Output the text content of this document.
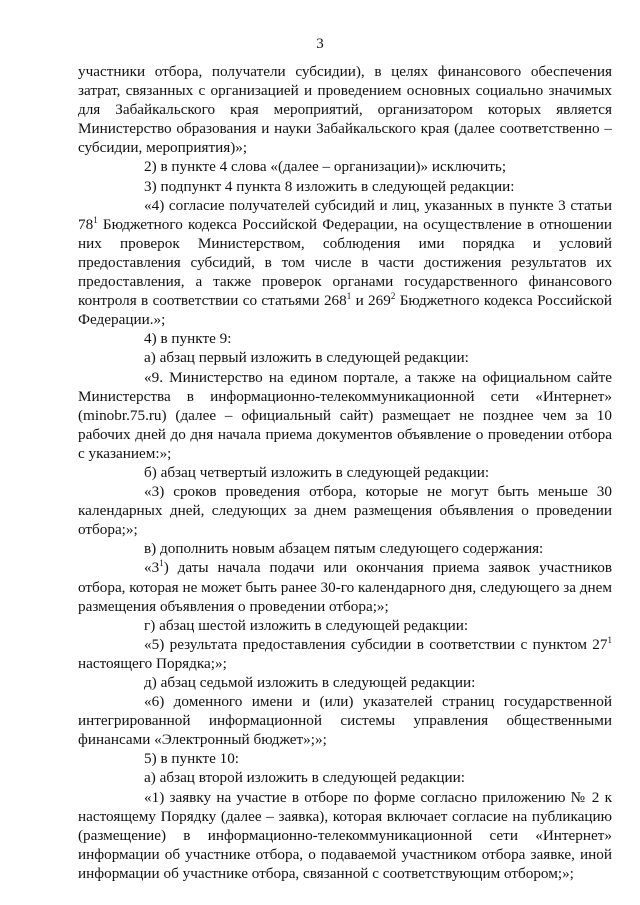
3

участники отбора, получатели субсидии), в целях финансового обеспечения затрат, связанных с организацией и проведением основных социально значимых для Забайкальского края мероприятий, организатором которых является Министерство образования и науки Забайкальского края (далее соответственно – субсидии, мероприятия)»;

2) в пункте 4 слова «(далее – организации)» исключить;

3) подпункт 4 пункта 8 изложить в следующей редакции:

«4) согласие получателей субсидий и лиц, указанных в пункте 3 статьи $78^1$ Бюджетного кодекса Российской Федерации, на осуществление в отношении них проверок Министерством, соблюдения ими порядка и условий предоставления субсидий, в том числе в части достижения результатов их предоставления, а также проверок органами государственного финансового контроля в соответствии со статьями $268^1$ и $269^2$ Бюджетного кодекса Российской Федерации.»;

4) в пункте 9:

а) абзац первый изложить в следующей редакции:

«9. Министерство на едином портале, а также на официальном сайте Министерства в информационно-телекоммуникационной сети «Интернет» (minobr.75.ru) (далее – официальный сайт) размещает не позднее чем за 10 рабочих дней до дня начала приема документов объявление о проведении отбора с указанием:»;

б) абзац четвертый изложить в следующей редакции:

«3) сроков проведения отбора, которые не могут быть меньше 30 календарных дней, следующих за днем размещения объявления о проведении отбора;»;

в) дополнить новым абзацем пятым следующего содержания:

«$3^1$) даты начала подачи или окончания приема заявок участников отбора, которая не может быть ранее 30-го календарного дня, следующего за днем размещения объявления о проведении отбора;»;

г) абзац шестой изложить в следующей редакции:

«5) результата предоставления субсидии в соответствии с пунктом $27^1$ настоящего Порядка;»;

д) абзац седьмой изложить в следующей редакции:

«6) доменного имени и (или) указателей страниц государственной интегрированной информационной системы управления общественными финансами «Электронный бюджет»;»;

5) в пункте 10:

а) абзац второй изложить в следующей редакции:

«1) заявку на участие в отборе по форме согласно приложению № 2 к настоящему Порядку (далее – заявка), которая включает согласие на публикацию (размещение) в информационно-телекоммуникационной сети «Интернет» информации об участнике отбора, о подаваемой участником отбора заявке, иной информации об участнике отбора, связанной с соответствующим отбором;»;
